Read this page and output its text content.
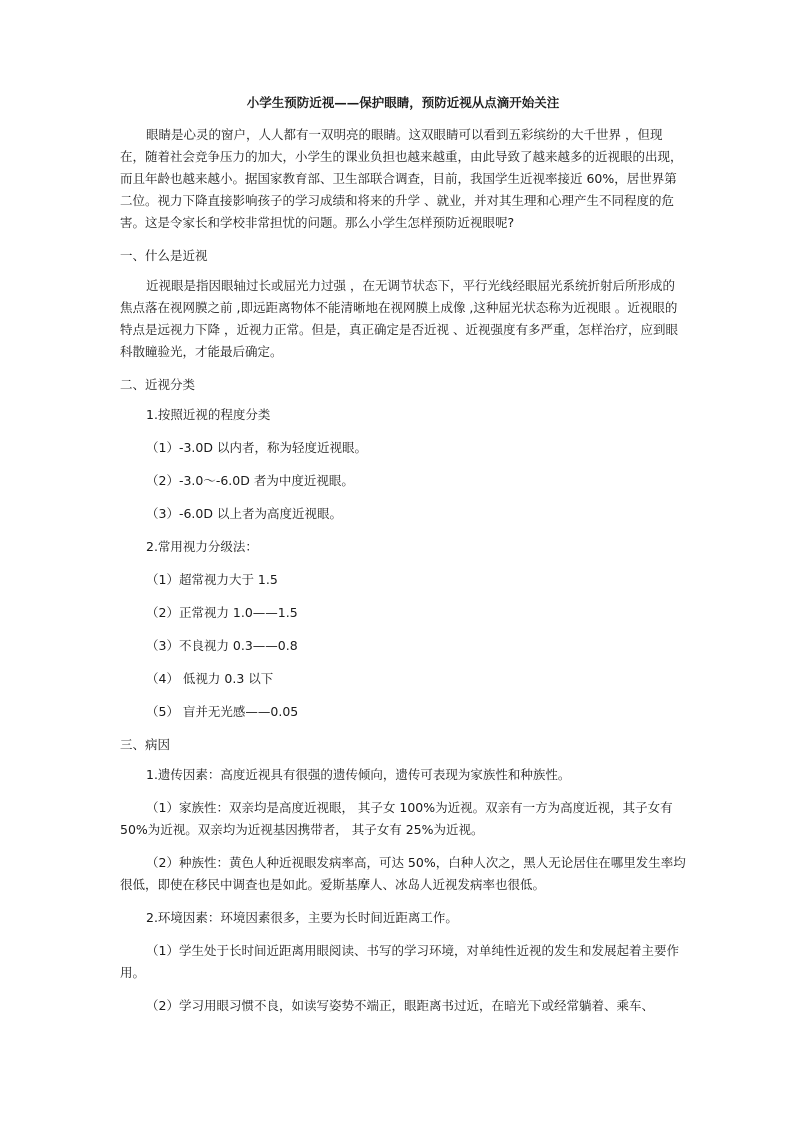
小学生预防近视——保护眼睛，预防近视从点滴开始关注

眼睛是心灵的窗户，人人都有一双明亮的眼睛。这双眼睛可以看到五彩缤纷的大千世界 ，但现在，随着社会竞争压力的加大，小学生的课业负担也越来越重，由此导致了越来越多的近视眼的出现，而且年龄也越来越小。据国家教育部、卫生部联合调查，目前，我国学生近视率接近 60%，居世界第二位。视力下降直接影响孩子的学习成绩和将来的升学 、就业，并对其生理和心理产生不同程度的危害。这是令家长和学校非常担忧的问题。那么小学生怎样预防近视眼呢?

一、什么是近视

近视眼是指因眼轴过长或屈光力过强 ，在无调节状态下，平行光线经眼屈光系统折射后所形成的焦点落在视网膜之前 ,即远距离物体不能清晰地在视网膜上成像 ,这种屈光状态称为近视眼 。近视眼的特点是远视力下降 ，近视力正常。但是，真正确定是否近视 、近视强度有多严重，怎样治疗，应到眼科散瞳验光，才能最后确定。

二、近视分类

1.按照近视的程度分类

（1）-3.0D 以内者，称为轻度近视眼。

（2）-3.0～-6.0D 者为中度近视眼。

（3）-6.0D 以上者为高度近视眼。

2.常用视力分级法：

（1）超常视力大于 1.5

（2）正常视力 1.0——1.5

（3）不良视力 0.3——0.8

（4） 低视力 0.3 以下

（5） 盲并无光感——0.05

三、病因

1.遗传因素：高度近视具有很强的遗传倾向，遗传可表现为家族性和种族性。

（1）家族性：双亲均是高度近视眼， 其子女 100%为近视。双亲有一方为高度近视，其子女有 50%为近视。双亲均为近视基因携带者， 其子女有 25%为近视。

（2）种族性：黄色人种近视眼发病率高，可达 50%，白种人次之，黑人无论居住在哪里发生率均很低，即使在移民中调查也是如此。爱斯基摩人、冰岛人近视发病率也很低。

2.环境因素：环境因素很多，主要为长时间近距离工作。

（1）学生处于长时间近距离用眼阅读、书写的学习环境，对单纯性近视的发生和发展起着主要作用。

（2）学习用眼习惯不良，如读写姿势不端正，眼距离书过近，在暗光下或经常躺着、乘车、
